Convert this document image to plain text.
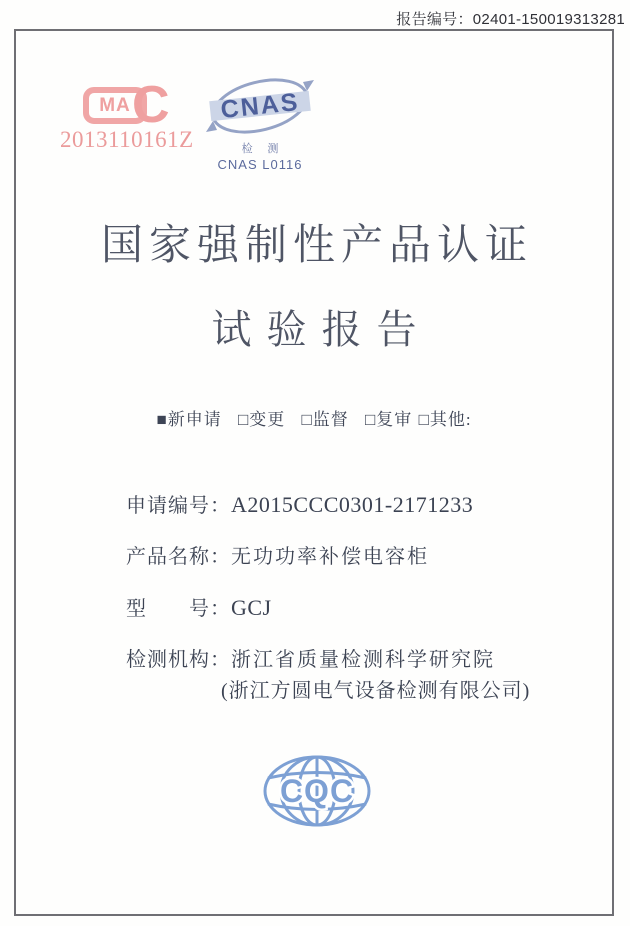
报告编号：02401-150019313281
MA C
2013110161Z
CNAS
检 测
CNAS L0116
国家强制性产品认证
试验报告
■新申请 □变更 □监督 □复审 □其他:
申请编号：A2015CCC0301-2171233
产品名称：无功功率补偿电容柜
型　　号：GCJ
检测机构：浙江省质量检测科学研究院
(浙江方圆电气设备检测有限公司)
CQC
